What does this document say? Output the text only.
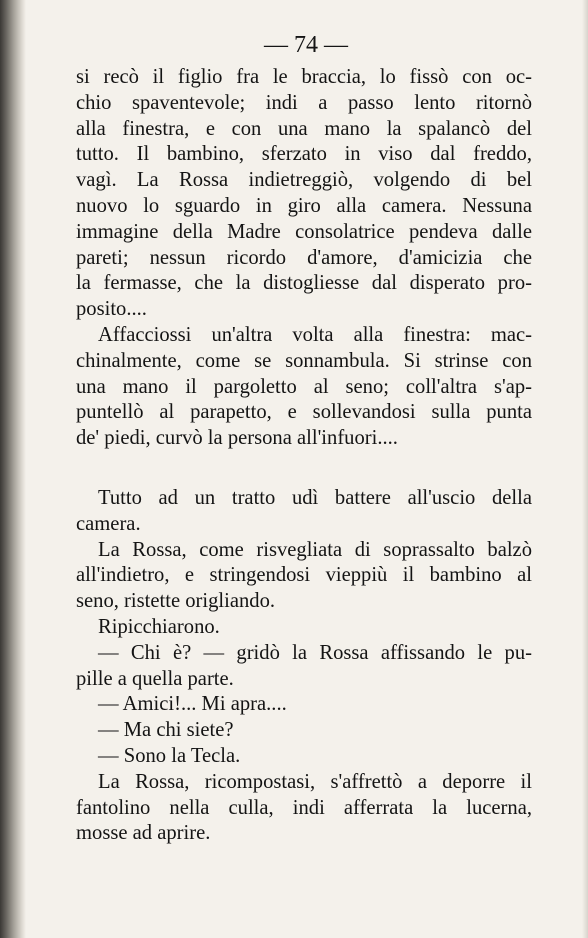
— 74 —
si recò il figlio fra le braccia, lo fissò con oc-
chio spaventevole; indi a passo lento ritornò
alla finestra, e con una mano la spalancò del
tutto. Il bambino, sferzato in viso dal freddo,
vagì. La Rossa indietreggiò, volgendo di bel
nuovo lo sguardo in giro alla camera. Nessuna
immagine della Madre consolatrice pendeva dalle
pareti; nessun ricordo d'amore, d'amicizia che
la fermasse, che la distogliesse dal disperato pro-
posito....
Affacciossi un'altra volta alla finestra: mac-
chinalmente, come se sonnambula. Si strinse con
una mano il pargoletto al seno; coll'altra s'ap-
puntellò al parapetto, e sollevandosi sulla punta
de' piedi, curvò la persona all'infuori....
Tutto ad un tratto udì battere all'uscio della
camera.
La Rossa, come risvegliata di soprassalto balzò
all'indietro, e stringendosi vieppiù il bambino al
seno, ristette origliando.
Ripicchiarono.
— Chi è? — gridò la Rossa affissando le pu-
pille a quella parte.
— Amici!... Mi apra....
— Ma chi siete?
— Sono la Tecla.
La Rossa, ricompostasi, s'affrettò a deporre il
fantolino nella culla, indi afferrata la lucerna,
mosse ad aprire.
